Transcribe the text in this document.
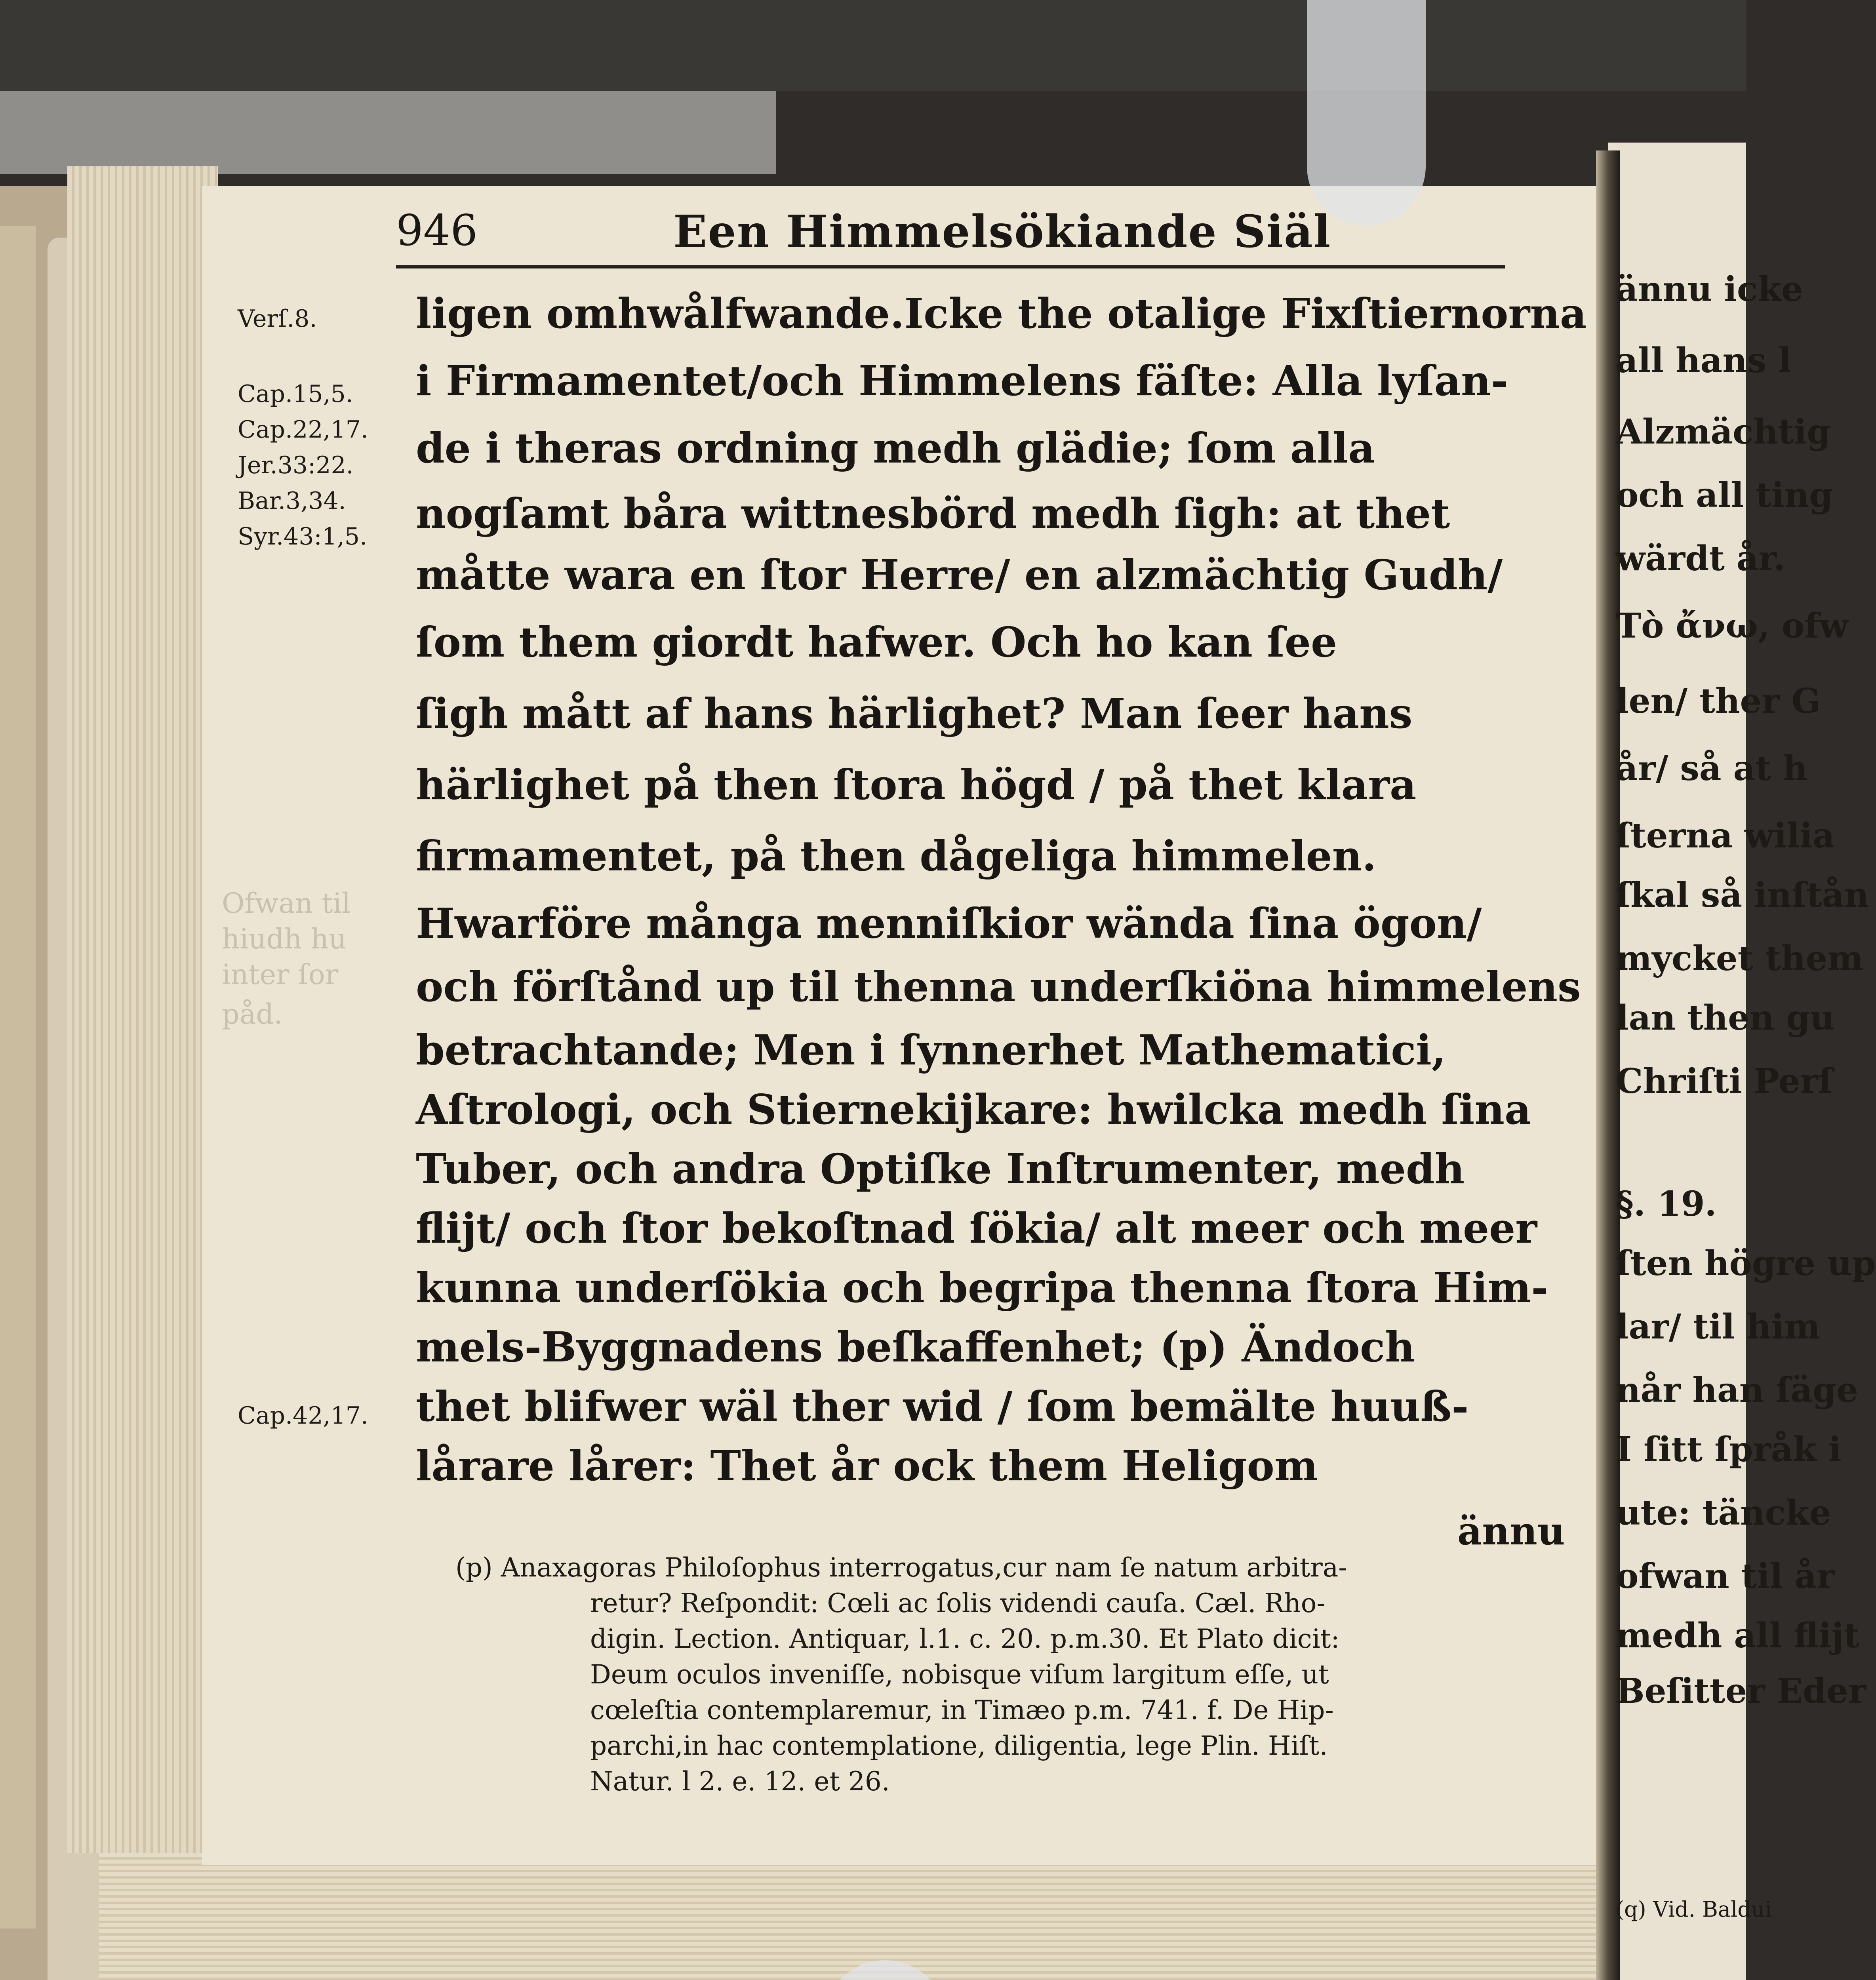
Ofwan til
hiudh hu
inter ſor
påd.
946	Een Himmelsökiande Siäl
Verſ.8.
Cap.15,5.
Cap.22,17.
Jer.33:22.
Bar.3,34.
Syr.43:1,5.
Cap.42,17.
ligen omhwålfwande.Icke the otalige Fixſtiernorna
i Firmamentet/och Himmelens fäſte: Alla lyſan-
de i theras ordning medh glädie; ſom alla
nogſamt båra wittnesbörd medh ſigh: at thet
måtte wara en ſtor Herre/ en alzmächtig Gudh/
ſom them giordt hafwer. Och ho kan ſee
ſigh mått af hans härlighet? Man ſeer hans
härlighet på then ſtora högd / på thet klara
firmamentet, på then dågeliga himmelen.
Hwarföre många menniſkior wända ſina ögon/
och förſtånd up til thenna underſkiöna himmelens
betrachtande; Men i ſynnerhet Mathematici,
Aſtrologi, och Stiernekijkare: hwilcka medh ſina
Tuber, och andra Optiſke Inſtrumenter, medh
flijt/ och ſtor bekoſtnad ſökia/ alt meer och meer
kunna underſökia och begripa thenna ſtora Him-
mels-Byggnadens beſkaffenhet; (p) Ändoch
thet blifwer wäl ther wid / ſom bemälte huuß-
lårare lårer: Thet år ock them Heligom
ännu
(p) Anaxagoras Philoſophus interrogatus,cur nam ſe natum arbitra-
retur? Reſpondit: Cœli ac ſolis videndi cauſa. Cæl. Rho-
digin. Lection. Antiquar, l.1. c. 20. p.m.30. Et Plato dicit:
Deum oculos inveniſſe, nobisque viſum largitum eſſe, ut
cœleſtia contemplaremur, in Timæo p.m. 741. f. De Hip-
parchi,in hac contemplatione, diligentia, lege Plin. Hiſt.
Natur. l 2. e. 12. et 26.
ännu icke
all hans l
Alzmächtig
och all ting
wärdt år.
Τὸ ἄνω, ofw
len/ ther G
år/ så at h
ſterna wilia
ſkal så inſtån
mycket them
lan then gu
Chriſti Perſ
§. 19.
ſten högre up
lar/ til him
når han ſäge
I ſitt ſpråk i
ute: täncke
ofwan til år
medh all flijt
Beſitter Eder
(q) Vid. Baldui
